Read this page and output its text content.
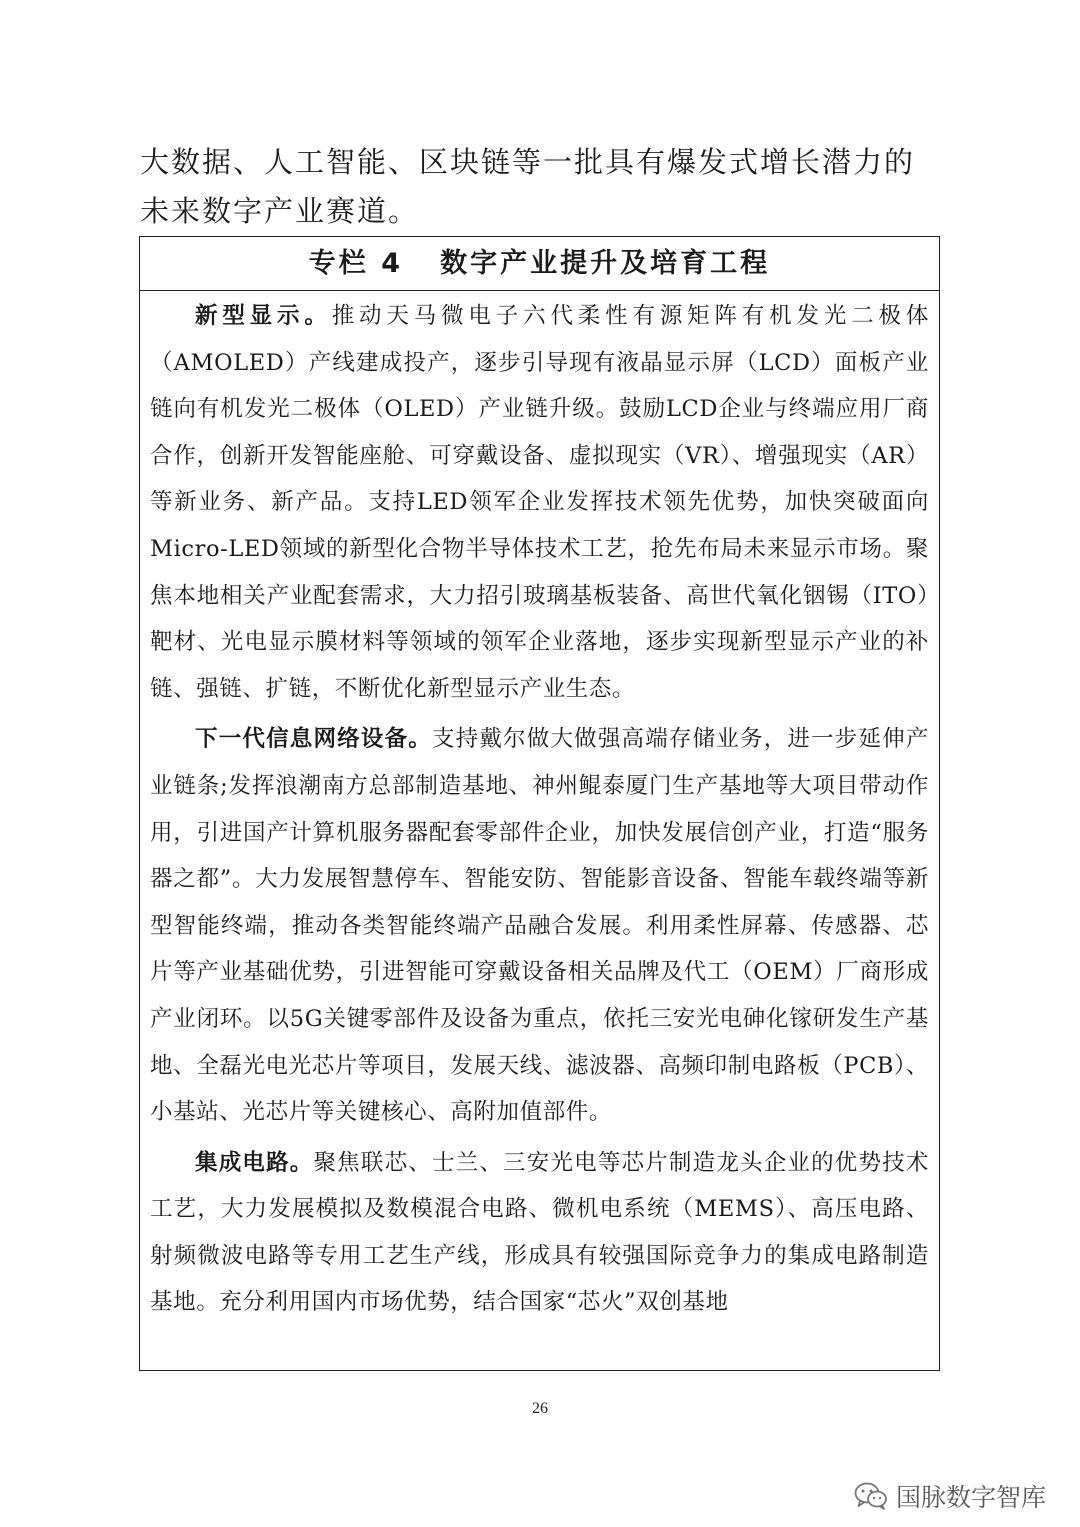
大数据、人工智能、区块链等一批具有爆发式增长潜力的未来数字产业赛道。

专栏 4   数字产业提升及培育工程

新型显示。推动天马微电子六代柔性有源矩阵有机发光二极体（AMOLED）产线建成投产，逐步引导现有液晶显示屏（LCD）面板产业链向有机发光二极体（OLED）产业链升级。鼓励LCD企业与终端应用厂商合作，创新开发智能座舱、可穿戴设备、虚拟现实（VR）、增强现实（AR）等新业务、新产品。支持LED领军企业发挥技术领先优势，加快突破面向Micro-LED领域的新型化合物半导体技术工艺，抢先布局未来显示市场。聚焦本地相关产业配套需求，大力招引玻璃基板装备、高世代氧化铟锡（ITO）靶材、光电显示膜材料等领域的领军企业落地，逐步实现新型显示产业的补链、强链、扩链，不断优化新型显示产业生态。

下一代信息网络设备。支持戴尔做大做强高端存储业务，进一步延伸产业链条;发挥浪潮南方总部制造基地、神州鲲泰厦门生产基地等大项目带动作用，引进国产计算机服务器配套零部件企业，加快发展信创产业，打造“服务器之都”。大力发展智慧停车、智能安防、智能影音设备、智能车载终端等新型智能终端，推动各类智能终端产品融合发展。利用柔性屏幕、传感器、芯片等产业基础优势，引进智能可穿戴设备相关品牌及代工（OEM）厂商形成产业闭环。以5G关键零部件及设备为重点，依托三安光电砷化镓研发生产基地、全磊光电光芯片等项目，发展天线、滤波器、高频印制电路板（PCB）、小基站、光芯片等关键核心、高附加值部件。

集成电路。聚焦联芯、士兰、三安光电等芯片制造龙头企业的优势技术工艺，大力发展模拟及数模混合电路、微机电系统（MEMS）、高压电路、射频微波电路等专用工艺生产线，形成具有较强国际竞争力的集成电路制造基地。充分利用国内市场优势，结合国家“芯火”双创基地

26
国脉数字智库
